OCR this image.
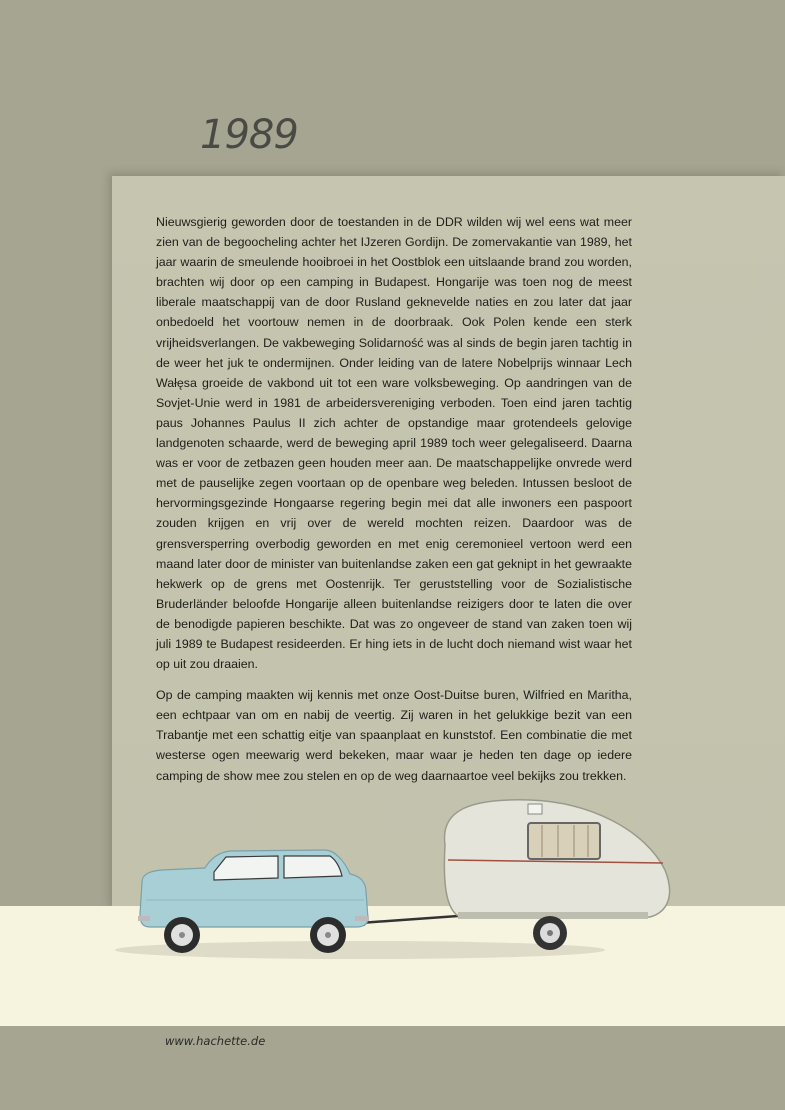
1989

Nieuwsgierig geworden door de toestanden in de DDR wilden wij wel eens wat meer zien van de begoocheling achter het IJzeren Gordijn. De zomervakantie van 1989, het jaar waarin de smeulende hooibroei in het Oostblok een uitslaande brand zou worden, brachten wij door op een camping in Budapest. Hongarije was toen nog de meest liberale maatschappij van de door Rusland geknevelde naties en zou later dat jaar onbedoeld het voortouw nemen in de doorbraak. Ook Polen kende een sterk vrijheidsverlangen. De vakbeweging Solidarność was al sinds de begin jaren tachtig in de weer het juk te ondermijnen. Onder leiding van de latere Nobelprijs winnaar Lech Wałęsa groeide de vakbond uit tot een ware volksbeweging. Op aandringen van de Sovjet-Unie werd in 1981 de arbeidersvereniging verboden. Toen eind jaren tachtig paus Johannes Paulus II zich achter de opstandige maar grotendeels gelovige landgenoten schaarde, werd de beweging april 1989 toch weer gelegaliseerd. Daarna was er voor de zetbazen geen houden meer aan. De maatschappelijke onvrede werd met de pauselijke zegen voortaan op de openbare weg beleden. Intussen besloot de hervormingsgezinde Hongaarse regering begin mei dat alle inwoners een paspoort zouden krijgen en vrij over de wereld mochten reizen. Daardoor was de grensversperring overbodig geworden en met enig ceremonieel vertoon werd een maand later door de minister van buitenlandse zaken een gat geknipt in het gewraakte hekwerk op de grens met Oostenrijk. Ter geruststelling voor de Sozialistische Bruderländer beloofde Hongarije alleen buitenlandse reizigers door te laten die over de benodigde papieren beschikte. Dat was zo ongeveer de stand van zaken toen wij juli 1989 te Budapest resideerden. Er hing iets in de lucht doch niemand wist waar het op uit zou draaien.

Op de camping maakten wij kennis met onze Oost-Duitse buren, Wilfried en Maritha, een echtpaar van om en nabij de veertig. Zij waren in het gelukkige bezit van een Trabantje met een schattig eitje van spaanplaat en kunststof. Een combinatie die met westerse ogen meewarig werd bekeken, maar waar je heden ten dage op iedere camping de show mee zou stelen en op de weg daarnaartoe veel bekijks zou trekken.

www.hachette.de
